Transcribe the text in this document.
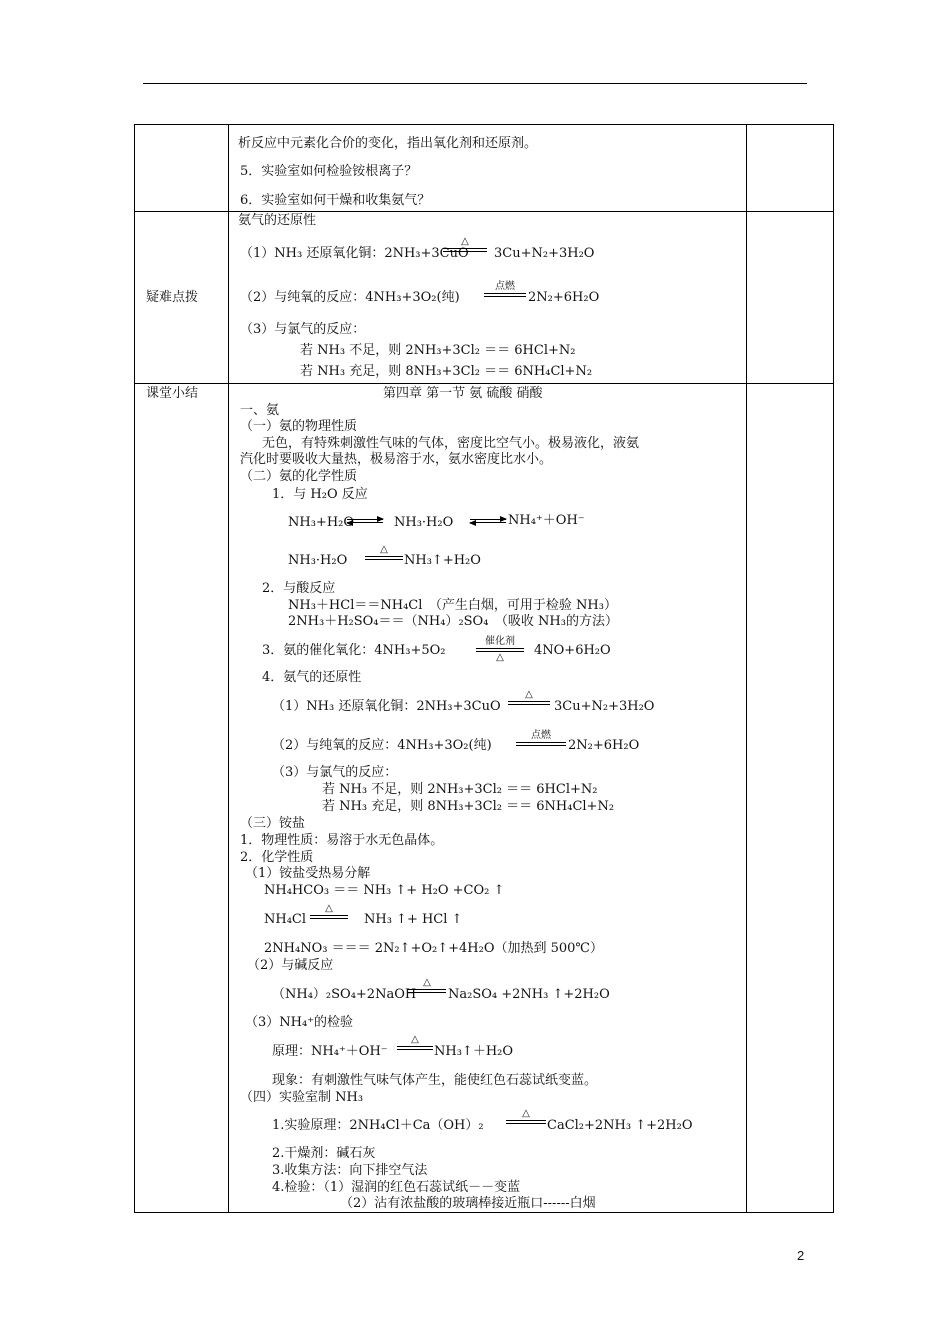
析反应中元素化合价的变化，指出氧化剂和还原剂。
5．实验室如何检验铵根离子？
6．实验室如何干燥和收集氨气？
疑难点拨
氨气的还原性
（1）NH₃ 还原氧化铜：2NH₃+3CuO
△
3Cu+N₂+3H₂O
（2）与纯氧的反应：4NH₃+3O₂(纯)
点燃
2N₂+6H₂O
（3）与氯气的反应：
若 NH₃ 不足，则 2NH₃+3Cl₂ ＝＝ 6HCl+N₂
若 NH₃ 充足，则 8NH₃+3Cl₂ ＝＝ 6NH₄Cl+N₂
课堂小结	第四章 第一节 氨 硫酸 硝酸
一、氨
（一）氨的物理性质
无色，有特殊刺激性气味的气体，密度比空气小。极易液化，液氨
汽化时要吸收大量热，极易溶于水，氨水密度比水小。
（二）氨的化学性质
1．与 H₂O 反应
NH₃+H₂O	NH₃·H₂O	NH₄⁺＋OH⁻
NH₃·H₂O
△
NH₃↑+H₂O
2．与酸反应
NH₃＋HCl＝＝NH₄Cl　（产生白烟，可用于检验 NH₃）
2NH₃＋H₂SO₄＝＝（NH₄）₂SO₄　（吸收 NH₃的方法）
3．氨的催化氧化：4NH₃+5O₂
催化剂
△	4NO+6H₂O
4．氨气的还原性
（1）NH₃ 还原氧化铜：2NH₃+3CuO
△
3Cu+N₂+3H₂O
（2）与纯氧的反应：4NH₃+3O₂(纯)
点燃
2N₂+6H₂O
（3）与氯气的反应：
若 NH₃ 不足，则 2NH₃+3Cl₂ ＝＝ 6HCl+N₂
若 NH₃ 充足，则 8NH₃+3Cl₂ ＝＝ 6NH₄Cl+N₂
（三）铵盐
1．物理性质：易溶于水无色晶体。
2．化学性质
（1）铵盐受热易分解
NH₄HCO₃ ＝＝ NH₃ ↑+ H₂O +CO₂ ↑
NH₄Cl
△
NH₃ ↑+ HCl ↑
2NH₄NO₃ ＝＝＝ 2N₂↑+O₂↑+4H₂O（加热到 500℃）
（2）与碱反应
（NH₄）₂SO₄+2NaOH
△
Na₂SO₄ +2NH₃ ↑+2H₂O
（3）NH₄⁺的检验
原理：NH₄⁺＋OH⁻
△
NH₃↑＋H₂O
现象：有刺激性气味气体产生，能使红色石蕊试纸变蓝。
（四）实验室制 NH₃
1.实验原理：2NH₄Cl＋Ca（OH）₂
△
CaCl₂+2NH₃ ↑+2H₂O
2.干燥剂：碱石灰
3.收集方法：向下排空气法
4.检验：（1）湿润的红色石蕊试纸－－变蓝
（2）沾有浓盐酸的玻璃棒接近瓶口------白烟
2
